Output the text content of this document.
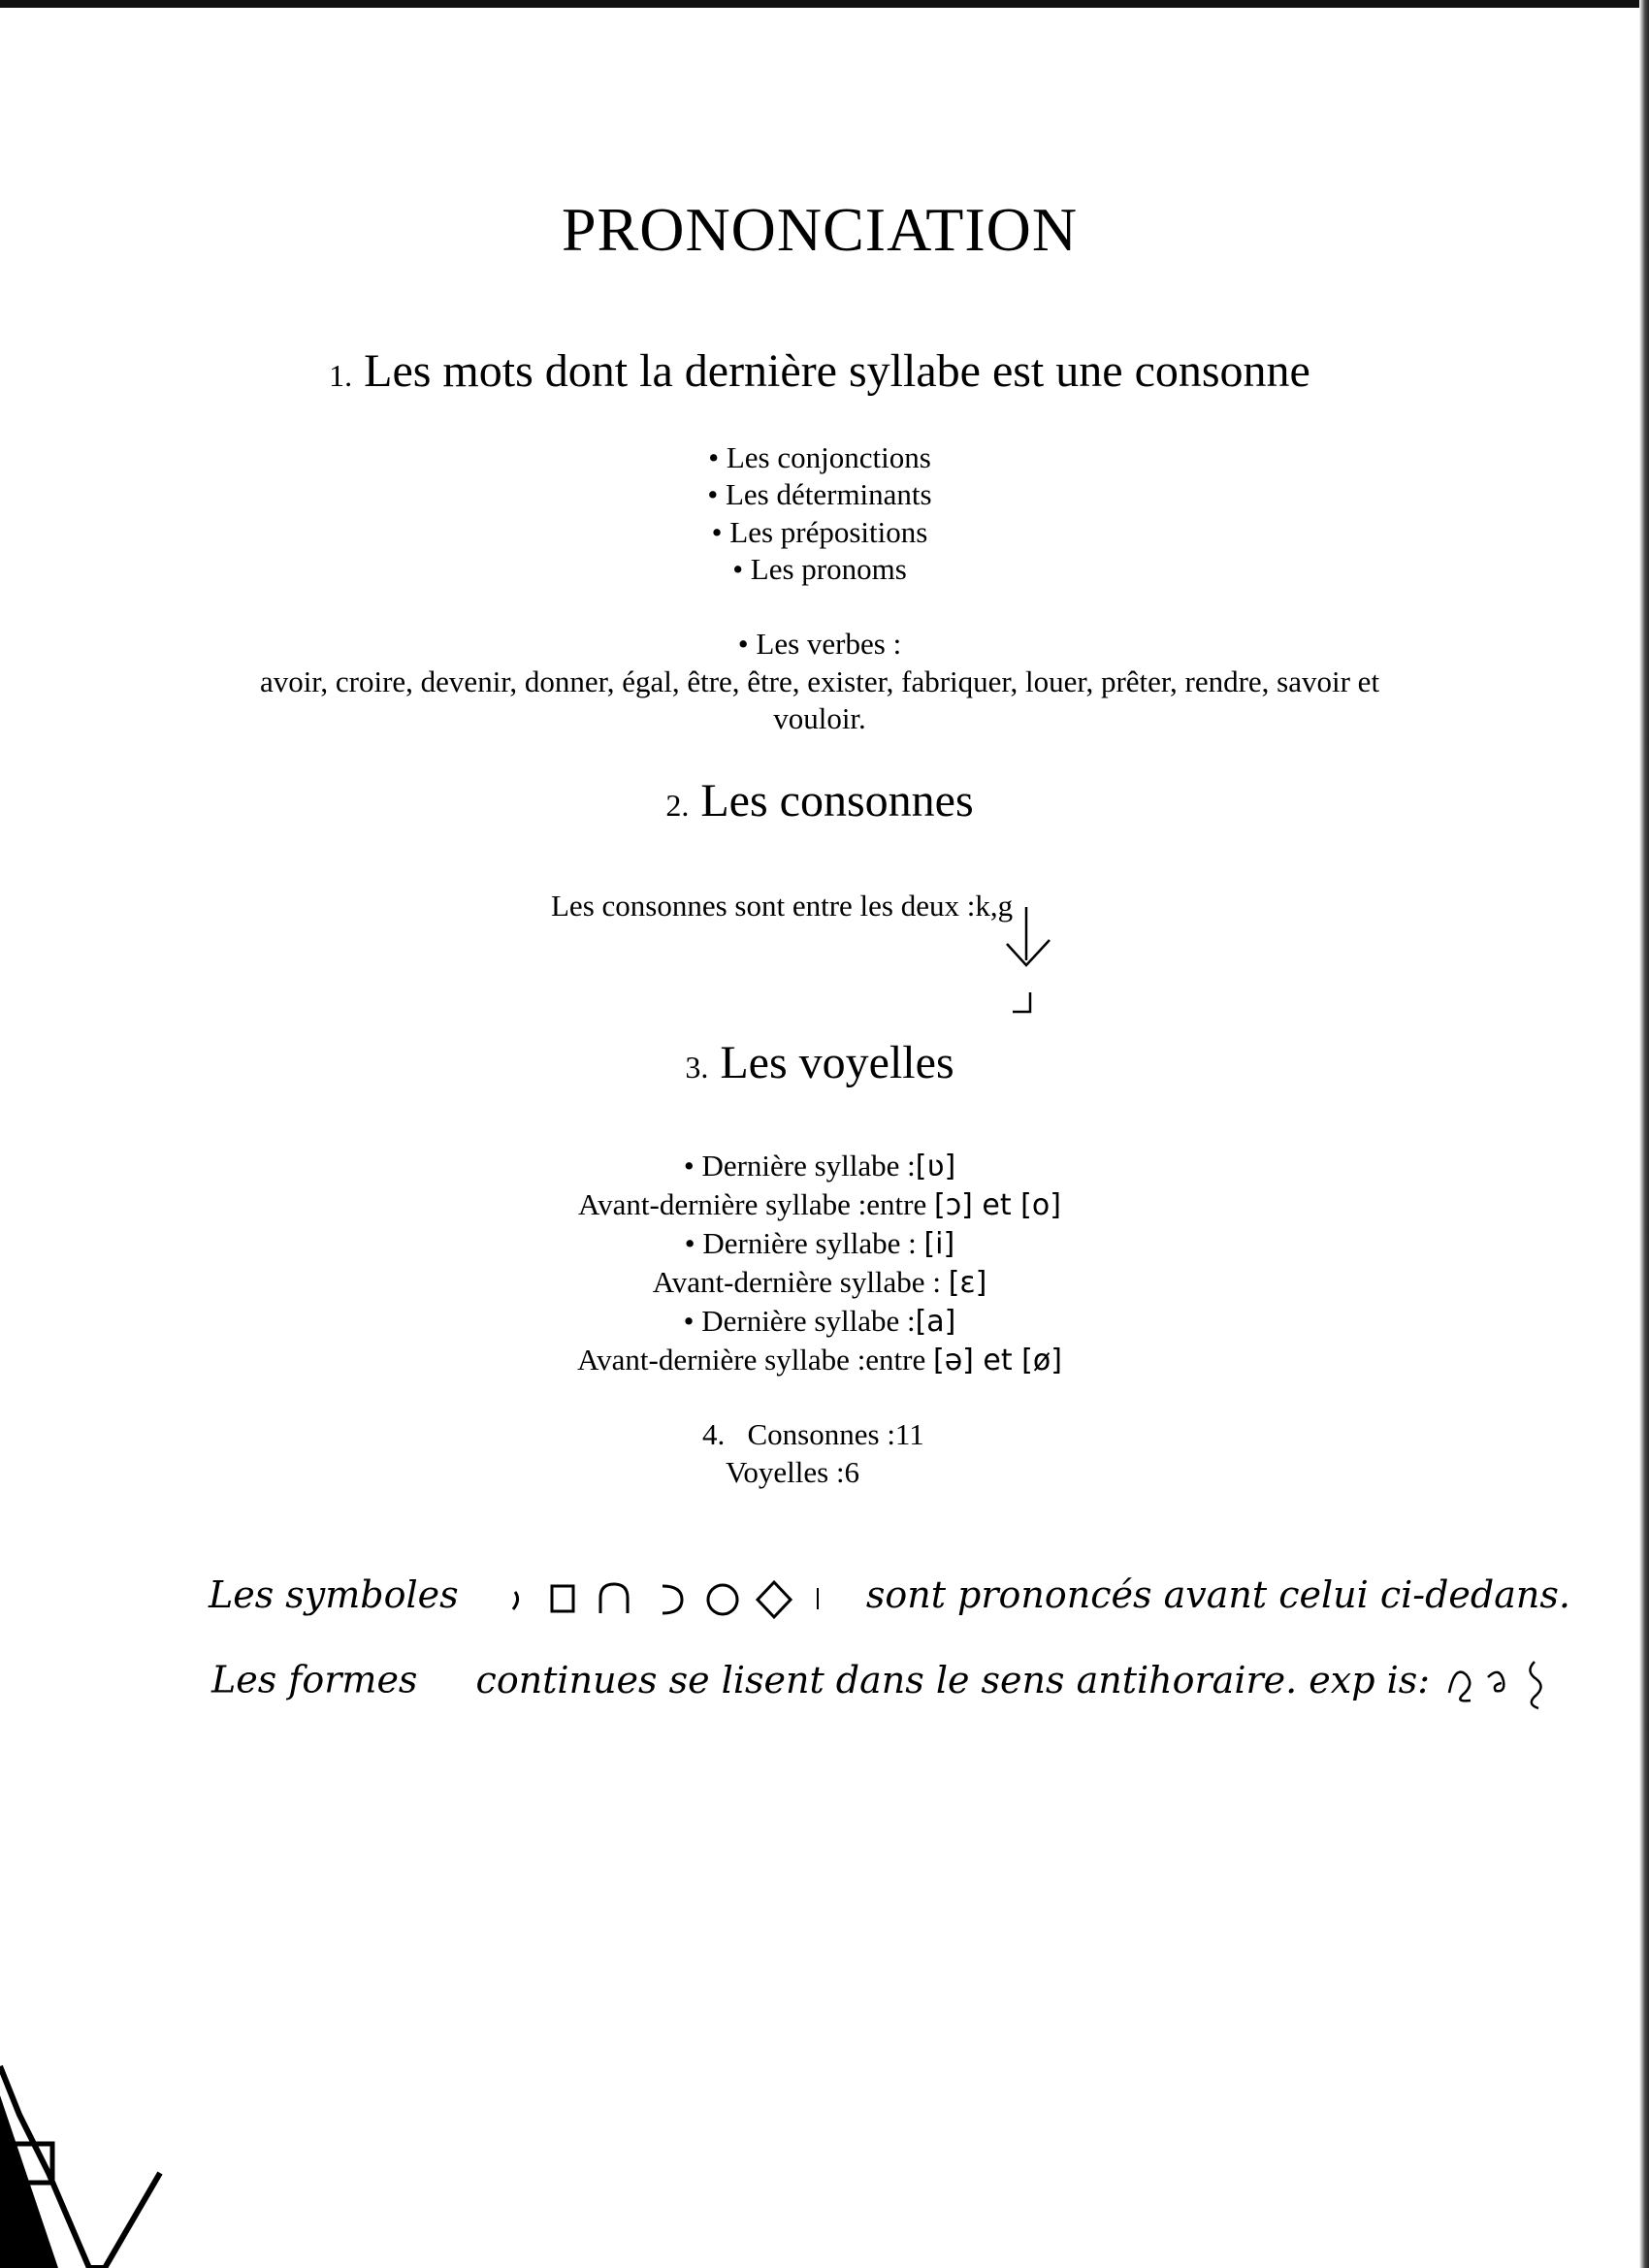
PRONONCIATION
1. Les mots dont la dernière syllabe est une consonne
• Les conjonctions
• Les déterminants
• Les prépositions
• Les pronoms
• Les verbes :
avoir, croire, devenir, donner, égal, être, être, exister, fabriquer, louer, prêter, rendre, savoir et
vouloir.
2. Les consonnes
Les consonnes sont entre les deux :k,g
3. Les voyelles
• Dernière syllabe :[ʋ]
Avant-dernière syllabe :entre [ɔ] et [o]
• Dernière syllabe : [i]
Avant-dernière syllabe : [ɛ]
• Dernière syllabe :[a]
Avant-dernière syllabe :entre [ə] et [ø]
4. Consonnes :11
Voyelles :6
Les symboles	sont prononcés avant celui ci-dedans.
Les formes continues se lisent dans le sens antihoraire. exp is:
